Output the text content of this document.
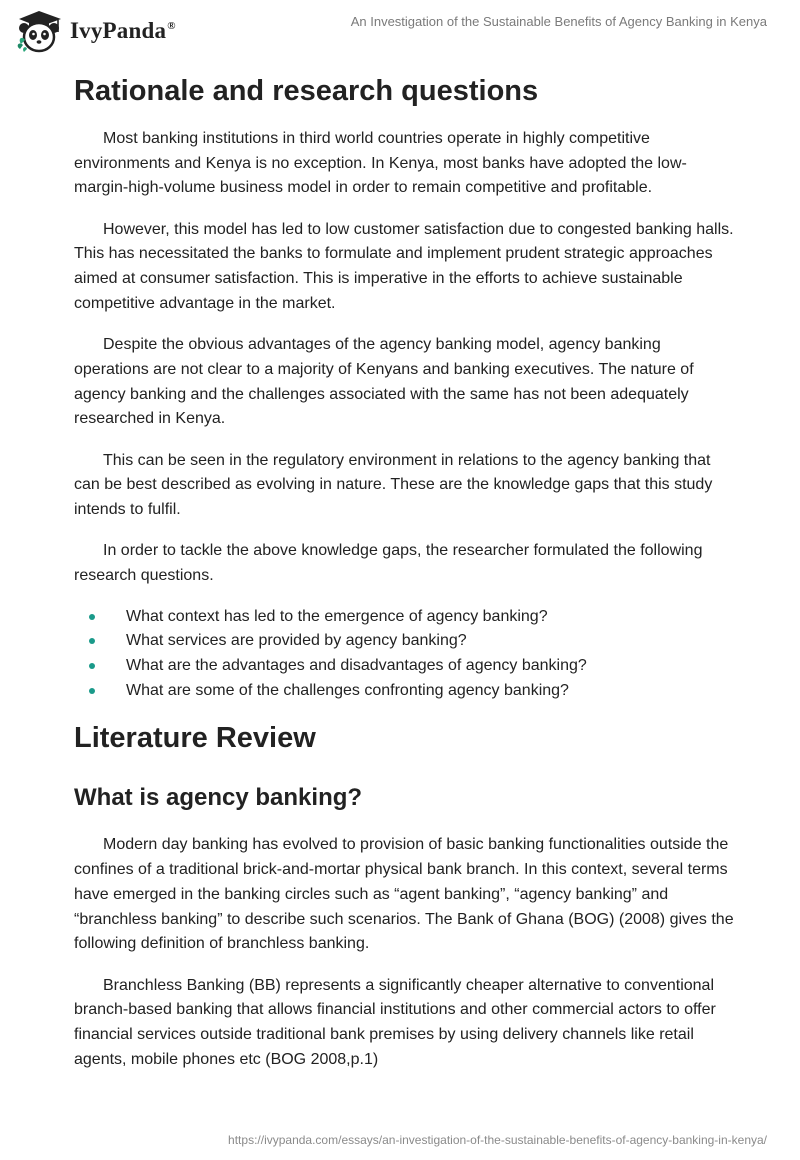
IvyPanda®	An Investigation of the Sustainable Benefits of Agency Banking in Kenya
Rationale and research questions

Most banking institutions in third world countries operate in highly competitive environments and Kenya is no exception. In Kenya, most banks have adopted the low-margin-high-volume business model in order to remain competitive and profitable.

However, this model has led to low customer satisfaction due to congested banking halls. This has necessitated the banks to formulate and implement prudent strategic approaches aimed at consumer satisfaction. This is imperative in the efforts to achieve sustainable competitive advantage in the market.

Despite the obvious advantages of the agency banking model, agency banking operations are not clear to a majority of Kenyans and banking executives. The nature of agency banking and the challenges associated with the same has not been adequately researched in Kenya.

This can be seen in the regulatory environment in relations to the agency banking that can be best described as evolving in nature. These are the knowledge gaps that this study intends to fulfil.

In order to tackle the above knowledge gaps, the researcher formulated the following research questions.

What context has led to the emergence of agency banking?
What services are provided by agency banking?
What are the advantages and disadvantages of agency banking?
What are some of the challenges confronting agency banking?
Literature Review
What is agency banking?

Modern day banking has evolved to provision of basic banking functionalities outside the confines of a traditional brick-and-mortar physical bank branch. In this context, several terms have emerged in the banking circles such as “agent banking”, “agency banking” and “branchless banking” to describe such scenarios. The Bank of Ghana (BOG) (2008) gives the following definition of branchless banking.

Branchless Banking (BB) represents a significantly cheaper alternative to conventional branch-based banking that allows financial institutions and other commercial actors to offer financial services outside traditional bank premises by using delivery channels like retail agents, mobile phones etc (BOG 2008,p.1)

https://ivypanda.com/essays/an-investigation-of-the-sustainable-benefits-of-agency-banking-in-kenya/
